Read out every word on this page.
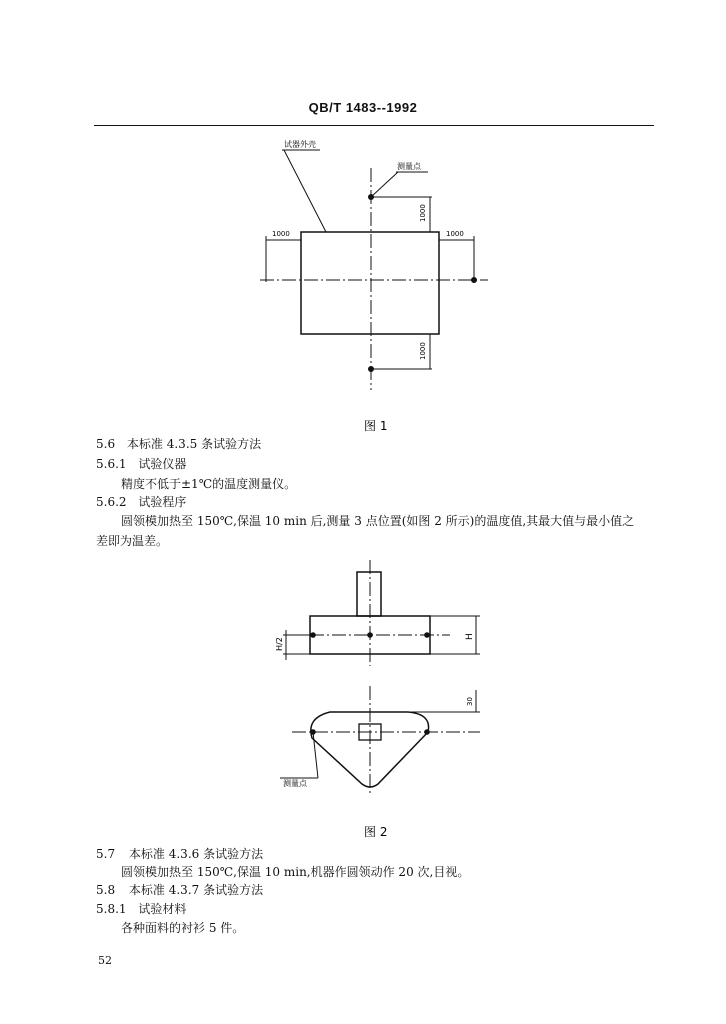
QB/T 1483--1992
试器外壳
测量点
1000	1000
1000
1000
图 1
H/2
H
30
测量点
图 2
5.6 本标准 4.3.5 条试验方法
5.6.1 试验仪器
精度不低于±1℃的温度测量仪。
5.6.2 试验程序
圆领模加热至 150℃,保温 10 min 后,测量 3 点位置(如图 2 所示)的温度值,其最大值与最小值之
差即为温差。
5.7 本标准 4.3.6 条试验方法
圆领模加热至 150℃,保温 10 min,机器作圆领动作 20 次,目视。
5.8 本标准 4.3.7 条试验方法
5.8.1 试验材料
各种面料的衬衫 5 件。
52
